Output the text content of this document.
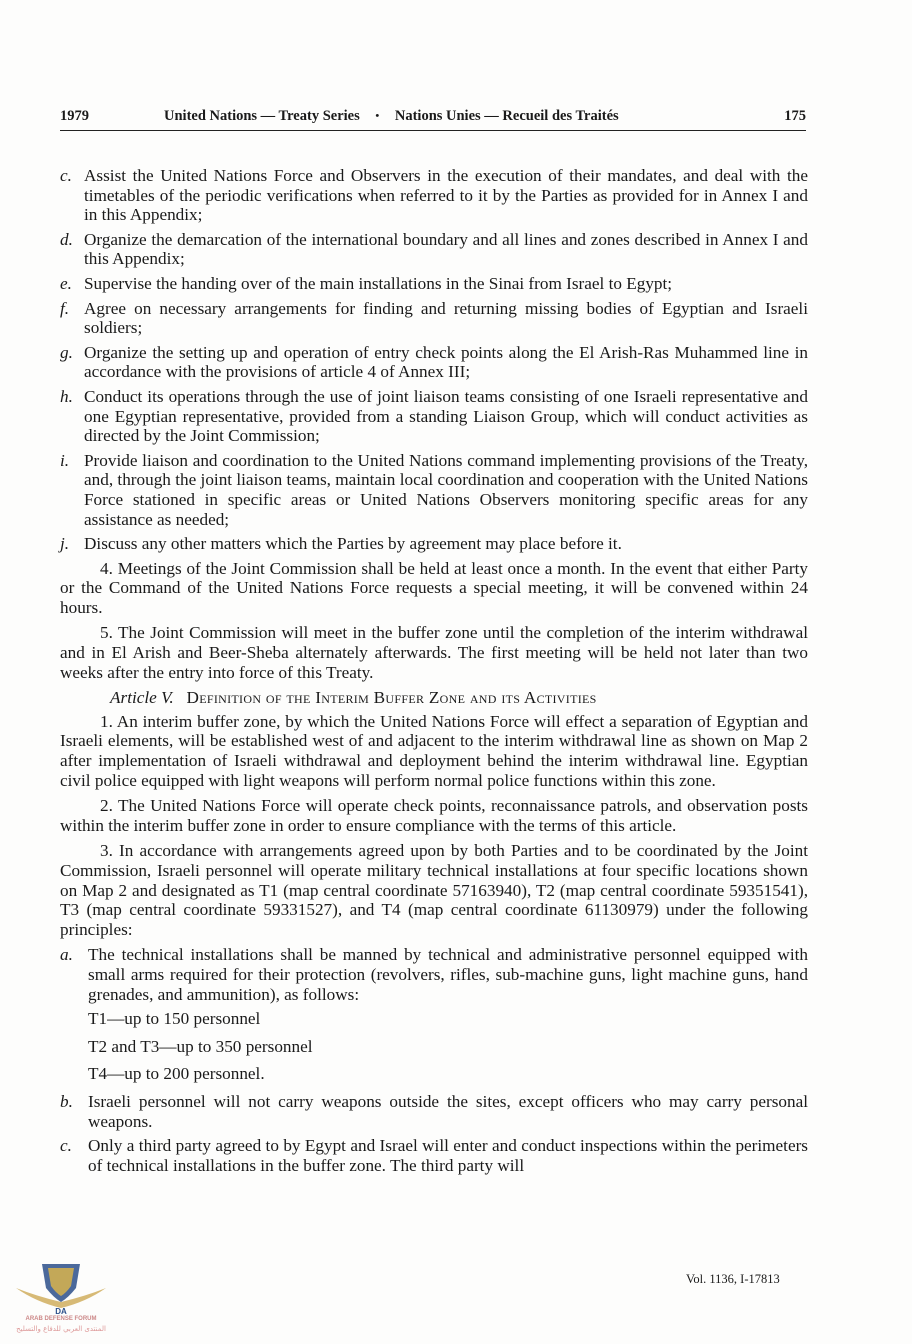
1979	United Nations — Treaty Series • Nations Unies — Recueil des Traités	175
c. Assist the United Nations Force and Observers in the execution of their mandates, and deal with the timetables of the periodic verifications when referred to it by the Parties as provided for in Annex I and in this Appendix;
d. Organize the demarcation of the international boundary and all lines and zones described in Annex I and this Appendix;
e. Supervise the handing over of the main installations in the Sinai from Israel to Egypt;
f. Agree on necessary arrangements for finding and returning missing bodies of Egyptian and Israeli soldiers;
g. Organize the setting up and operation of entry check points along the El Arish-Ras Muhammed line in accordance with the provisions of article 4 of Annex III;
h. Conduct its operations through the use of joint liaison teams consisting of one Israeli representative and one Egyptian representative, provided from a standing Liaison Group, which will conduct activities as directed by the Joint Commission;
i. Provide liaison and coordination to the United Nations command implementing provisions of the Treaty, and, through the joint liaison teams, maintain local coordination and cooperation with the United Nations Force stationed in specific areas or United Nations Observers monitoring specific areas for any assistance as needed;
j. Discuss any other matters which the Parties by agreement may place before it.
4. Meetings of the Joint Commission shall be held at least once a month. In the event that either Party or the Command of the United Nations Force requests a special meeting, it will be convened within 24 hours.
5. The Joint Commission will meet in the buffer zone until the completion of the interim withdrawal and in El Arish and Beer-Sheba alternately afterwards. The first meeting will be held not later than two weeks after the entry into force of this Treaty.
Article V. Definition of the Interim Buffer Zone and its Activities
1. An interim buffer zone, by which the United Nations Force will effect a separation of Egyptian and Israeli elements, will be established west of and adjacent to the interim withdrawal line as shown on Map 2 after implementation of Israeli withdrawal and deployment behind the interim withdrawal line. Egyptian civil police equipped with light weapons will perform normal police functions within this zone.
2. The United Nations Force will operate check points, reconnaissance patrols, and observation posts within the interim buffer zone in order to ensure compliance with the terms of this article.
3. In accordance with arrangements agreed upon by both Parties and to be coordinated by the Joint Commission, Israeli personnel will operate military technical installations at four specific locations shown on Map 2 and designated as T1 (map central coordinate 57163940), T2 (map central coordinate 59351541), T3 (map central coordinate 59331527), and T4 (map central coordinate 61130979) under the following principles:
a. The technical installations shall be manned by technical and administrative personnel equipped with small arms required for their protection (revolvers, rifles, sub-machine guns, light machine guns, hand grenades, and ammunition), as follows:
T1—up to 150 personnel
T2 and T3—up to 350 personnel
T4—up to 200 personnel.
b. Israeli personnel will not carry weapons outside the sites, except officers who may carry personal weapons.
c. Only a third party agreed to by Egypt and Israel will enter and conduct inspections within the perimeters of technical installations in the buffer zone. The third party will
Vol. 1136, I-17813
DA
ARAB DEFENSE FORUM
المنتدى العربي للدفاع والتسليح
